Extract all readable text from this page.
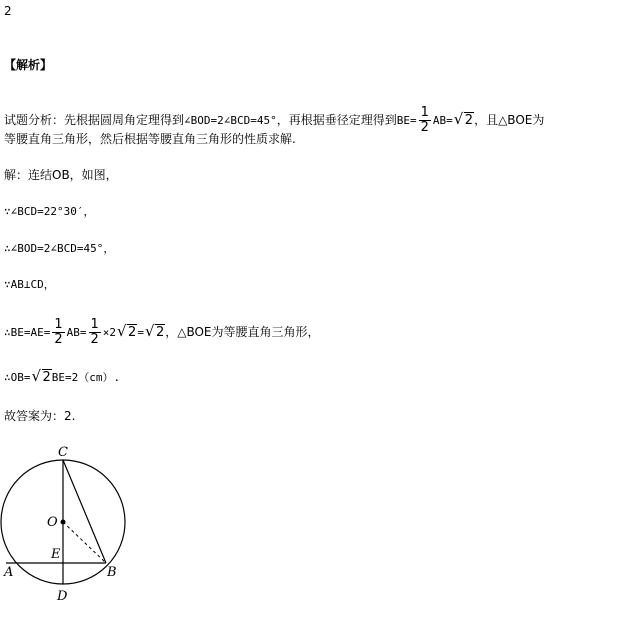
2
【解析】
试题分析：先根据圆周角定理得到∠BOD=2∠BCD=45°，再根据垂径定理得到$BE= \frac{1}{2} AB=$ √ 2，且△BOE为
等腰直角三角形，然后根据等腰直角三角形的性质求解.
解：连结OB，如图，
∵∠BCD=22°30′，
∴∠BOD=2∠BCD=45°，
∵AB⊥CD，
∴BE=AE= $\frac{1}{2} AB= \frac{1}{2} \times 2$ √ 2= √ 2，△BOE为等腰直角三角形，
∴OB= √ 2BE=2（cm）.
故答案为：2.
C
O
E
A	B
D
